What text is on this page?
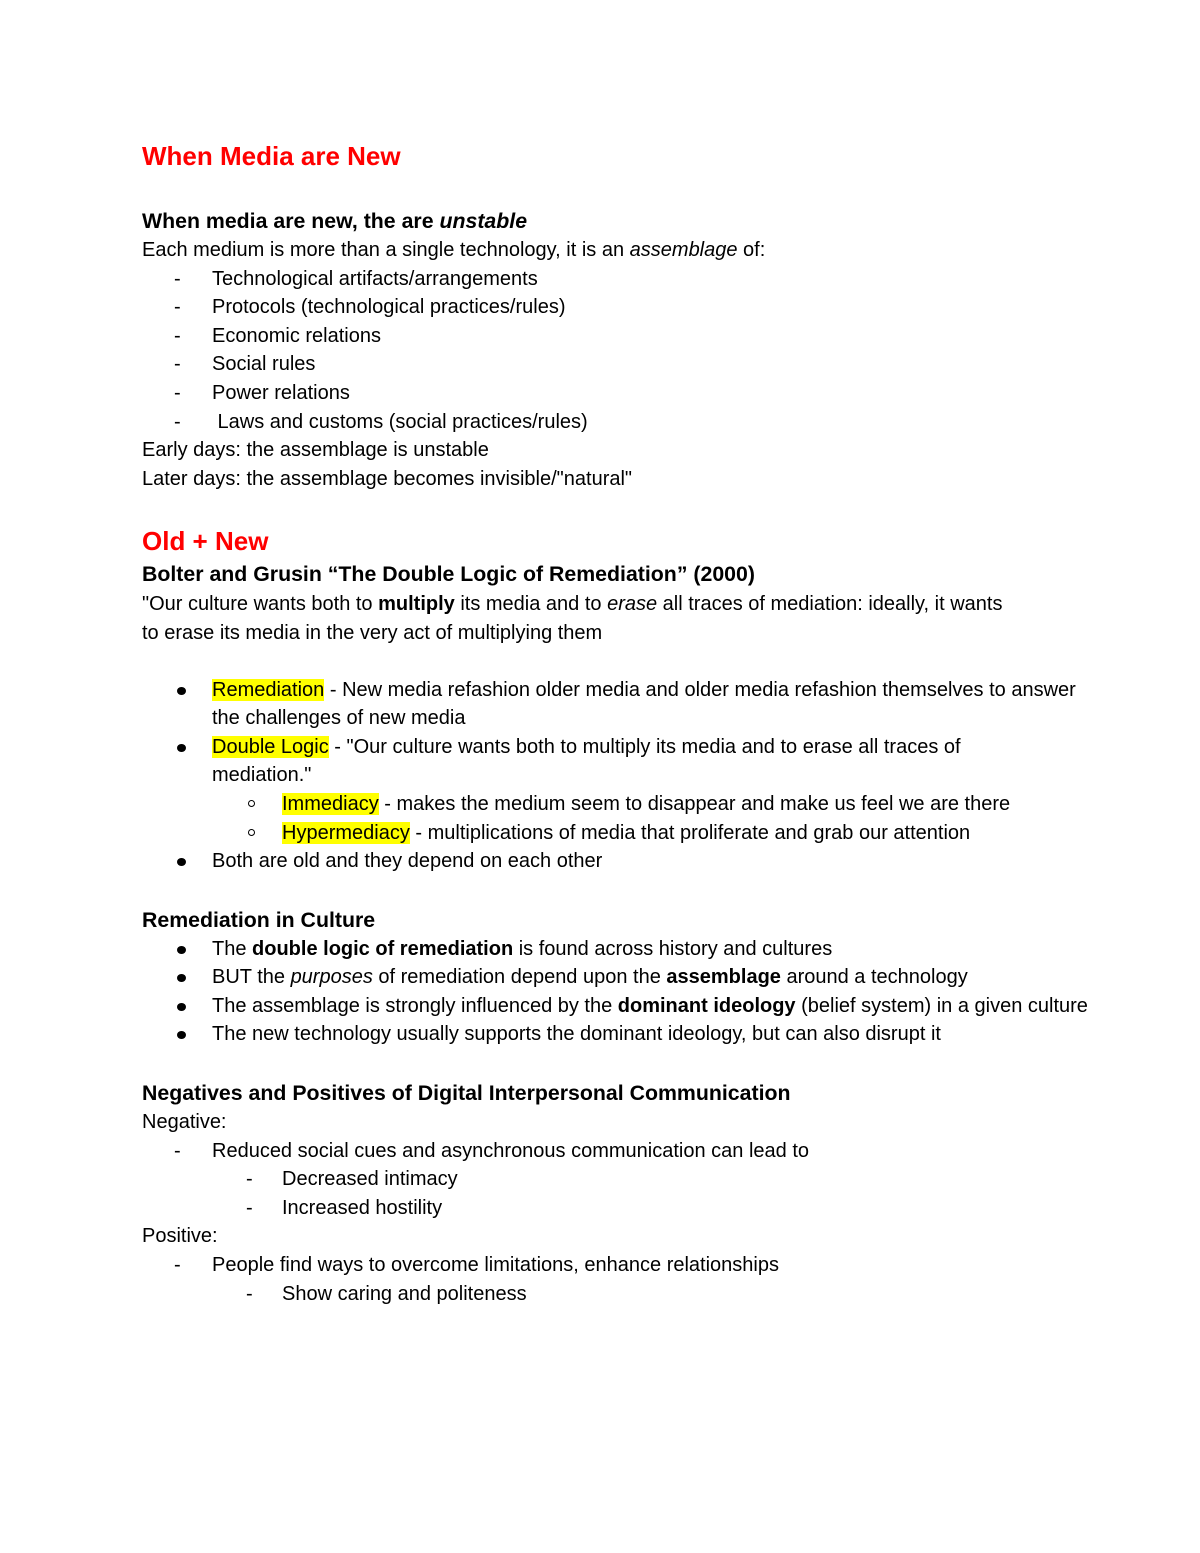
When Media are New
When media are new, the are unstable
Each medium is more than a single technology, it is an assemblage of:
- Technological artifacts/arrangements
- Protocols (technological practices/rules)
- Economic relations
- Social rules
- Power relations
- Laws and customs (social practices/rules)
Early days: the assemblage is unstable
Later days: the assemblage becomes invisible/"natural"
Old + New
Bolter and Grusin “The Double Logic of Remediation” (2000)
"Our culture wants both to multiply its media and to erase all traces of mediation: ideally, it wants to erase its media in the very act of multiplying them
Remediation - New media refashion older media and older media refashion themselves to answer the challenges of new media
Double Logic - "Our culture wants both to multiply its media and to erase all traces of mediation."
Immediacy - makes the medium seem to disappear and make us feel we are there
Hypermediacy - multiplications of media that proliferate and grab our attention
Both are old and they depend on each other
Remediation in Culture
The double logic of remediation is found across history and cultures
BUT the purposes of remediation depend upon the assemblage around a technology
The assemblage is strongly influenced by the dominant ideology (belief system) in a given culture
The new technology usually supports the dominant ideology, but can also disrupt it
Negatives and Positives of Digital Interpersonal Communication
Negative:
- Reduced social cues and asynchronous communication can lead to
- Decreased intimacy
- Increased hostility
Positive:
- People find ways to overcome limitations, enhance relationships
- Show caring and politeness
